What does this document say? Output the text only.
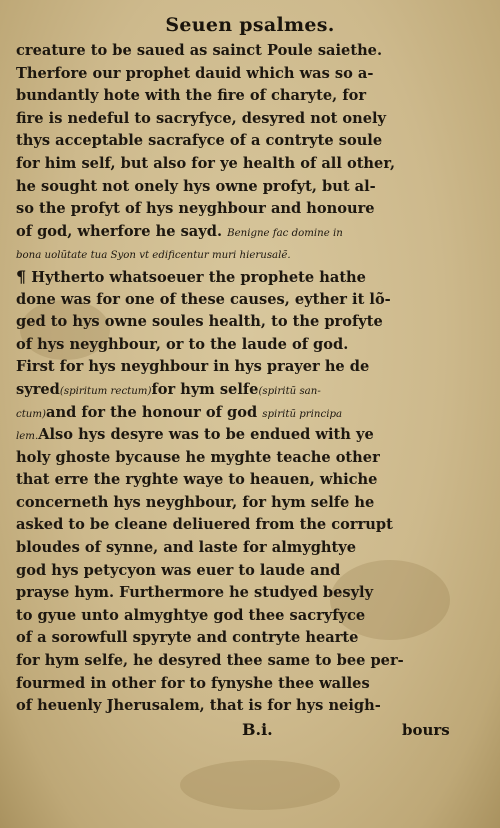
Seuen psalmes.
creature to be saued as sainct Poule saiethe.
Therfore our prophet dauid which was so a-
bundantly hote with the fire of charyte, for
fire is nedeful to sacryfyce, desyred not onely
thys acceptable sacrafyce of a contryte soule
for him self, but also for ye health of all other,
he sought not onely hys owne profyt, but al-
so the profyt of hys neyghbour and honoure
of god, wherfore he sayd. Benigne fac domine in
bona uolũtate tua Syon vt edificentur muri hierusalẽ.
¶ Hytherto whatsoeuer the prophete hathe
done was for one of these causes, eyther it lõ-
ged to hys owne soules health, to the profyte
of hys neyghbour, or to the laude of god.
First for hys neyghbour in hys prayer he de
syred(spiritum rectum)for hym selfe(spiritũ san-
ctum)and for the honour of god spiritũ principa
lem.Also hys desyre was to be endued with ye
holy ghoste bycause he myghte teache other
that erre the ryghte waye to heauen, whiche
concerneth hys neyghbour, for hym selfe he
asked to be cleane deliuered from the corrupt
bloudes of synne, and laste for almyghtye
god hys petycyon was euer to laude and
prayse hym. Furthermore he studyed besyly
to gyue unto almyghtye god thee sacryfyce
of a sorowfull spyryte and contryte hearte
for hym selfe, he desyred thee same to bee per-
fourmed in other for to fynyshe thee walles
of heuenly Jherusalem, that is for hys neigh-
B.i.	bours
